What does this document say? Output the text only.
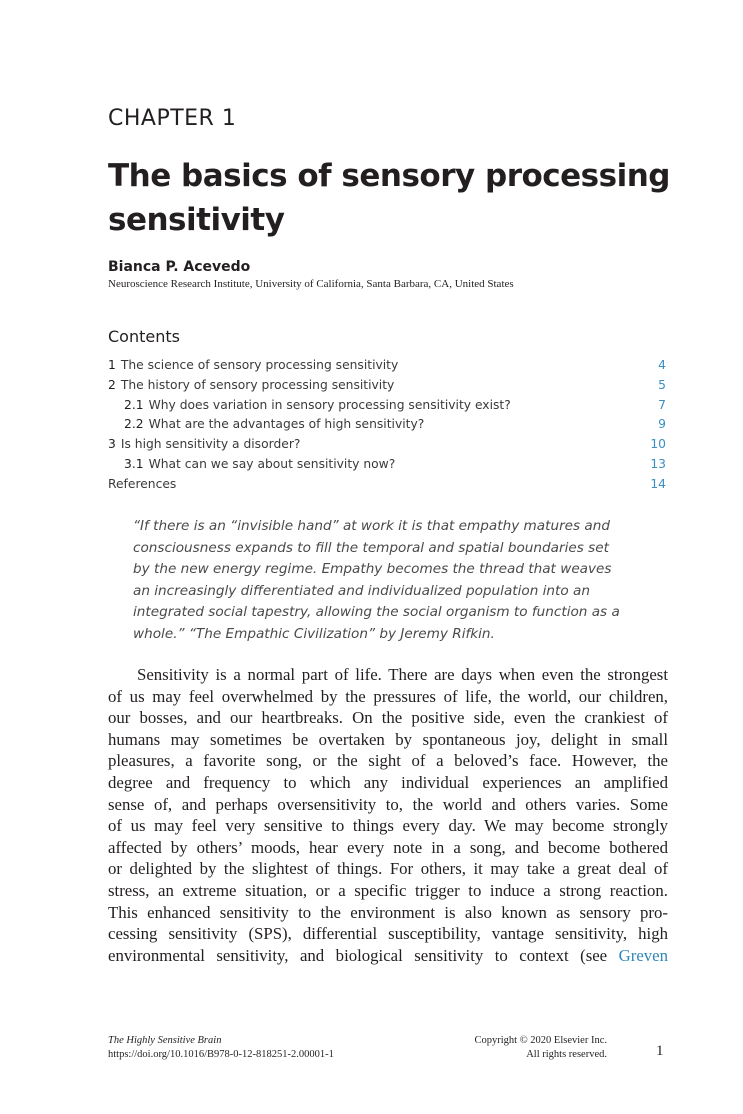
CHAPTER 1
The basics of sensory processing sensitivity
Bianca P. Acevedo
Neuroscience Research Institute, University of California, Santa Barbara, CA, United States
Contents
1 The science of sensory processing sensitivity	4
2 The history of sensory processing sensitivity	5
2.1 Why does variation in sensory processing sensitivity exist?	7
2.2 What are the advantages of high sensitivity?	9
3 Is high sensitivity a disorder?	10
3.1 What can we say about sensitivity now?	13
References	14
“If there is an “invisible hand” at work it is that empathy matures and
consciousness expands to fill the temporal and spatial boundaries set
by the new energy regime. Empathy becomes the thread that weaves
an increasingly differentiated and individualized population into an
integrated social tapestry, allowing the social organism to function as a
whole.” “The Empathic Civilization” by Jeremy Rifkin.
Sensitivity is a normal part of life. There are days when even the strongest
of us may feel overwhelmed by the pressures of life, the world, our children,
our bosses, and our heartbreaks. On the positive side, even the crankiest of
humans may sometimes be overtaken by spontaneous joy, delight in small
pleasures, a favorite song, or the sight of a beloved’s face. However, the
degree and frequency to which any individual experiences an amplified
sense of, and perhaps oversensitivity to, the world and others varies. Some
of us may feel very sensitive to things every day. We may become strongly
affected by others’ moods, hear every note in a song, and become bothered
or delighted by the slightest of things. For others, it may take a great deal of
stress, an extreme situation, or a specific trigger to induce a strong reaction.
This enhanced sensitivity to the environment is also known as sensory pro-
cessing sensitivity (SPS), differential susceptibility, vantage sensitivity, high
environmental sensitivity, and biological sensitivity to context (see Greven
The Highly Sensitive Brain
https://doi.org/10.1016/B978-0-12-818251-2.00001-1
Copyright © 2020 Elsevier Inc.
All rights reserved.	1
